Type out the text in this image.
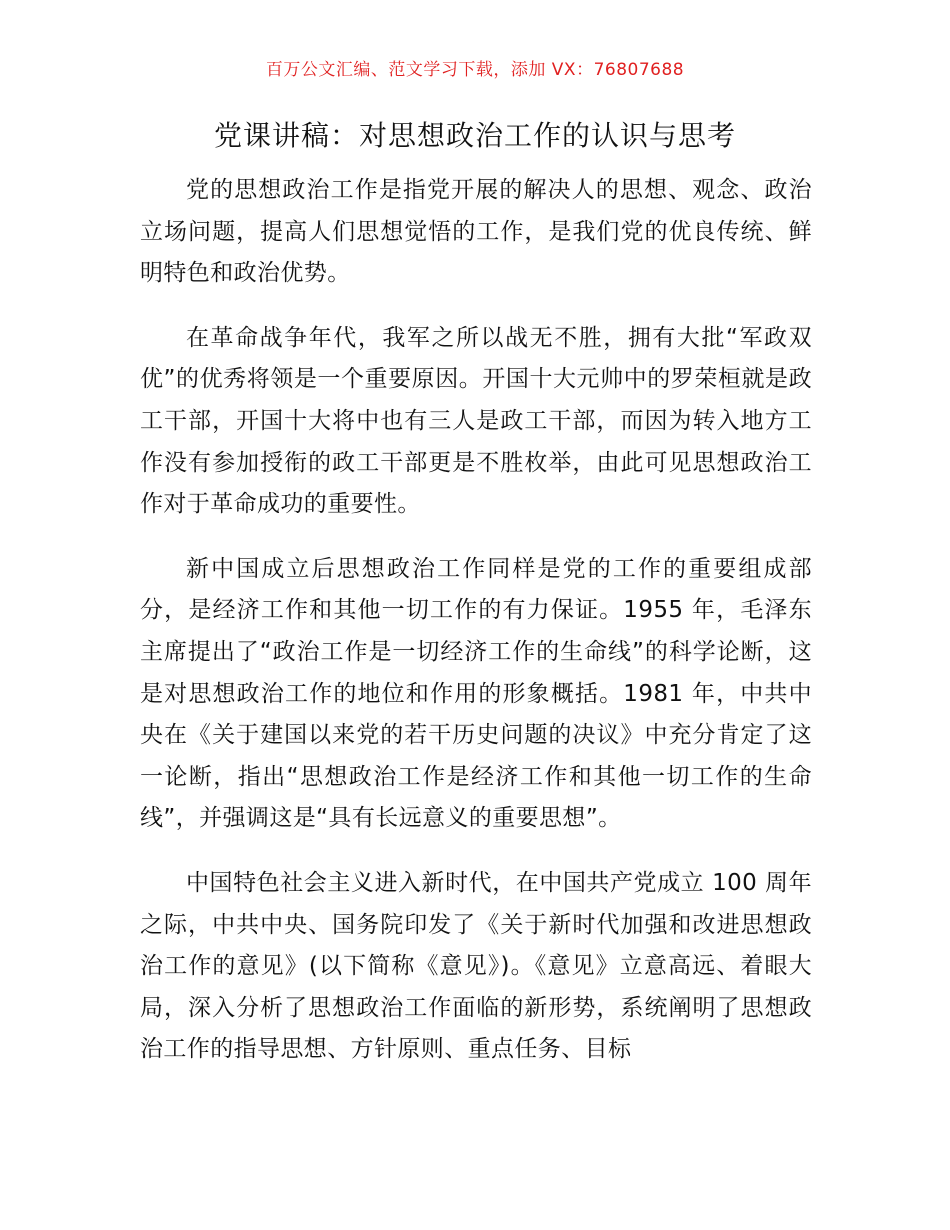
百万公文汇编、范文学习下载，添加 VX：76807688
党课讲稿：对思想政治工作的认识与思考

党的思想政治工作是指党开展的解决人的思想、观念、政治立场问题，提高人们思想觉悟的工作，是我们党的优良传统、鲜明特色和政治优势。

在革命战争年代，我军之所以战无不胜，拥有大批“军政双优”的优秀将领是一个重要原因。开国十大元帅中的罗荣桓就是政工干部，开国十大将中也有三人是政工干部，而因为转入地方工作没有参加授衔的政工干部更是不胜枚举，由此可见思想政治工作对于革命成功的重要性。

新中国成立后思想政治工作同样是党的工作的重要组成部分，是经济工作和其他一切工作的有力保证。1955 年，毛泽东主席提出了“政治工作是一切经济工作的生命线”的科学论断，这是对思想政治工作的地位和作用的形象概括。1981 年，中共中央在《关于建国以来党的若干历史问题的决议》中充分肯定了这一论断，指出“思想政治工作是经济工作和其他一切工作的生命线”，并强调这是“具有长远意义的重要思想”。

中国特色社会主义进入新时代，在中国共产党成立 100 周年之际，中共中央、国务院印发了《关于新时代加强和改进思想政治工作的意见》(以下简称《意见》)。《意见》立意高远、着眼大局，深入分析了思想政治工作面临的新形势，系统阐明了思想政治工作的指导思想、方针原则、重点任务、目标
